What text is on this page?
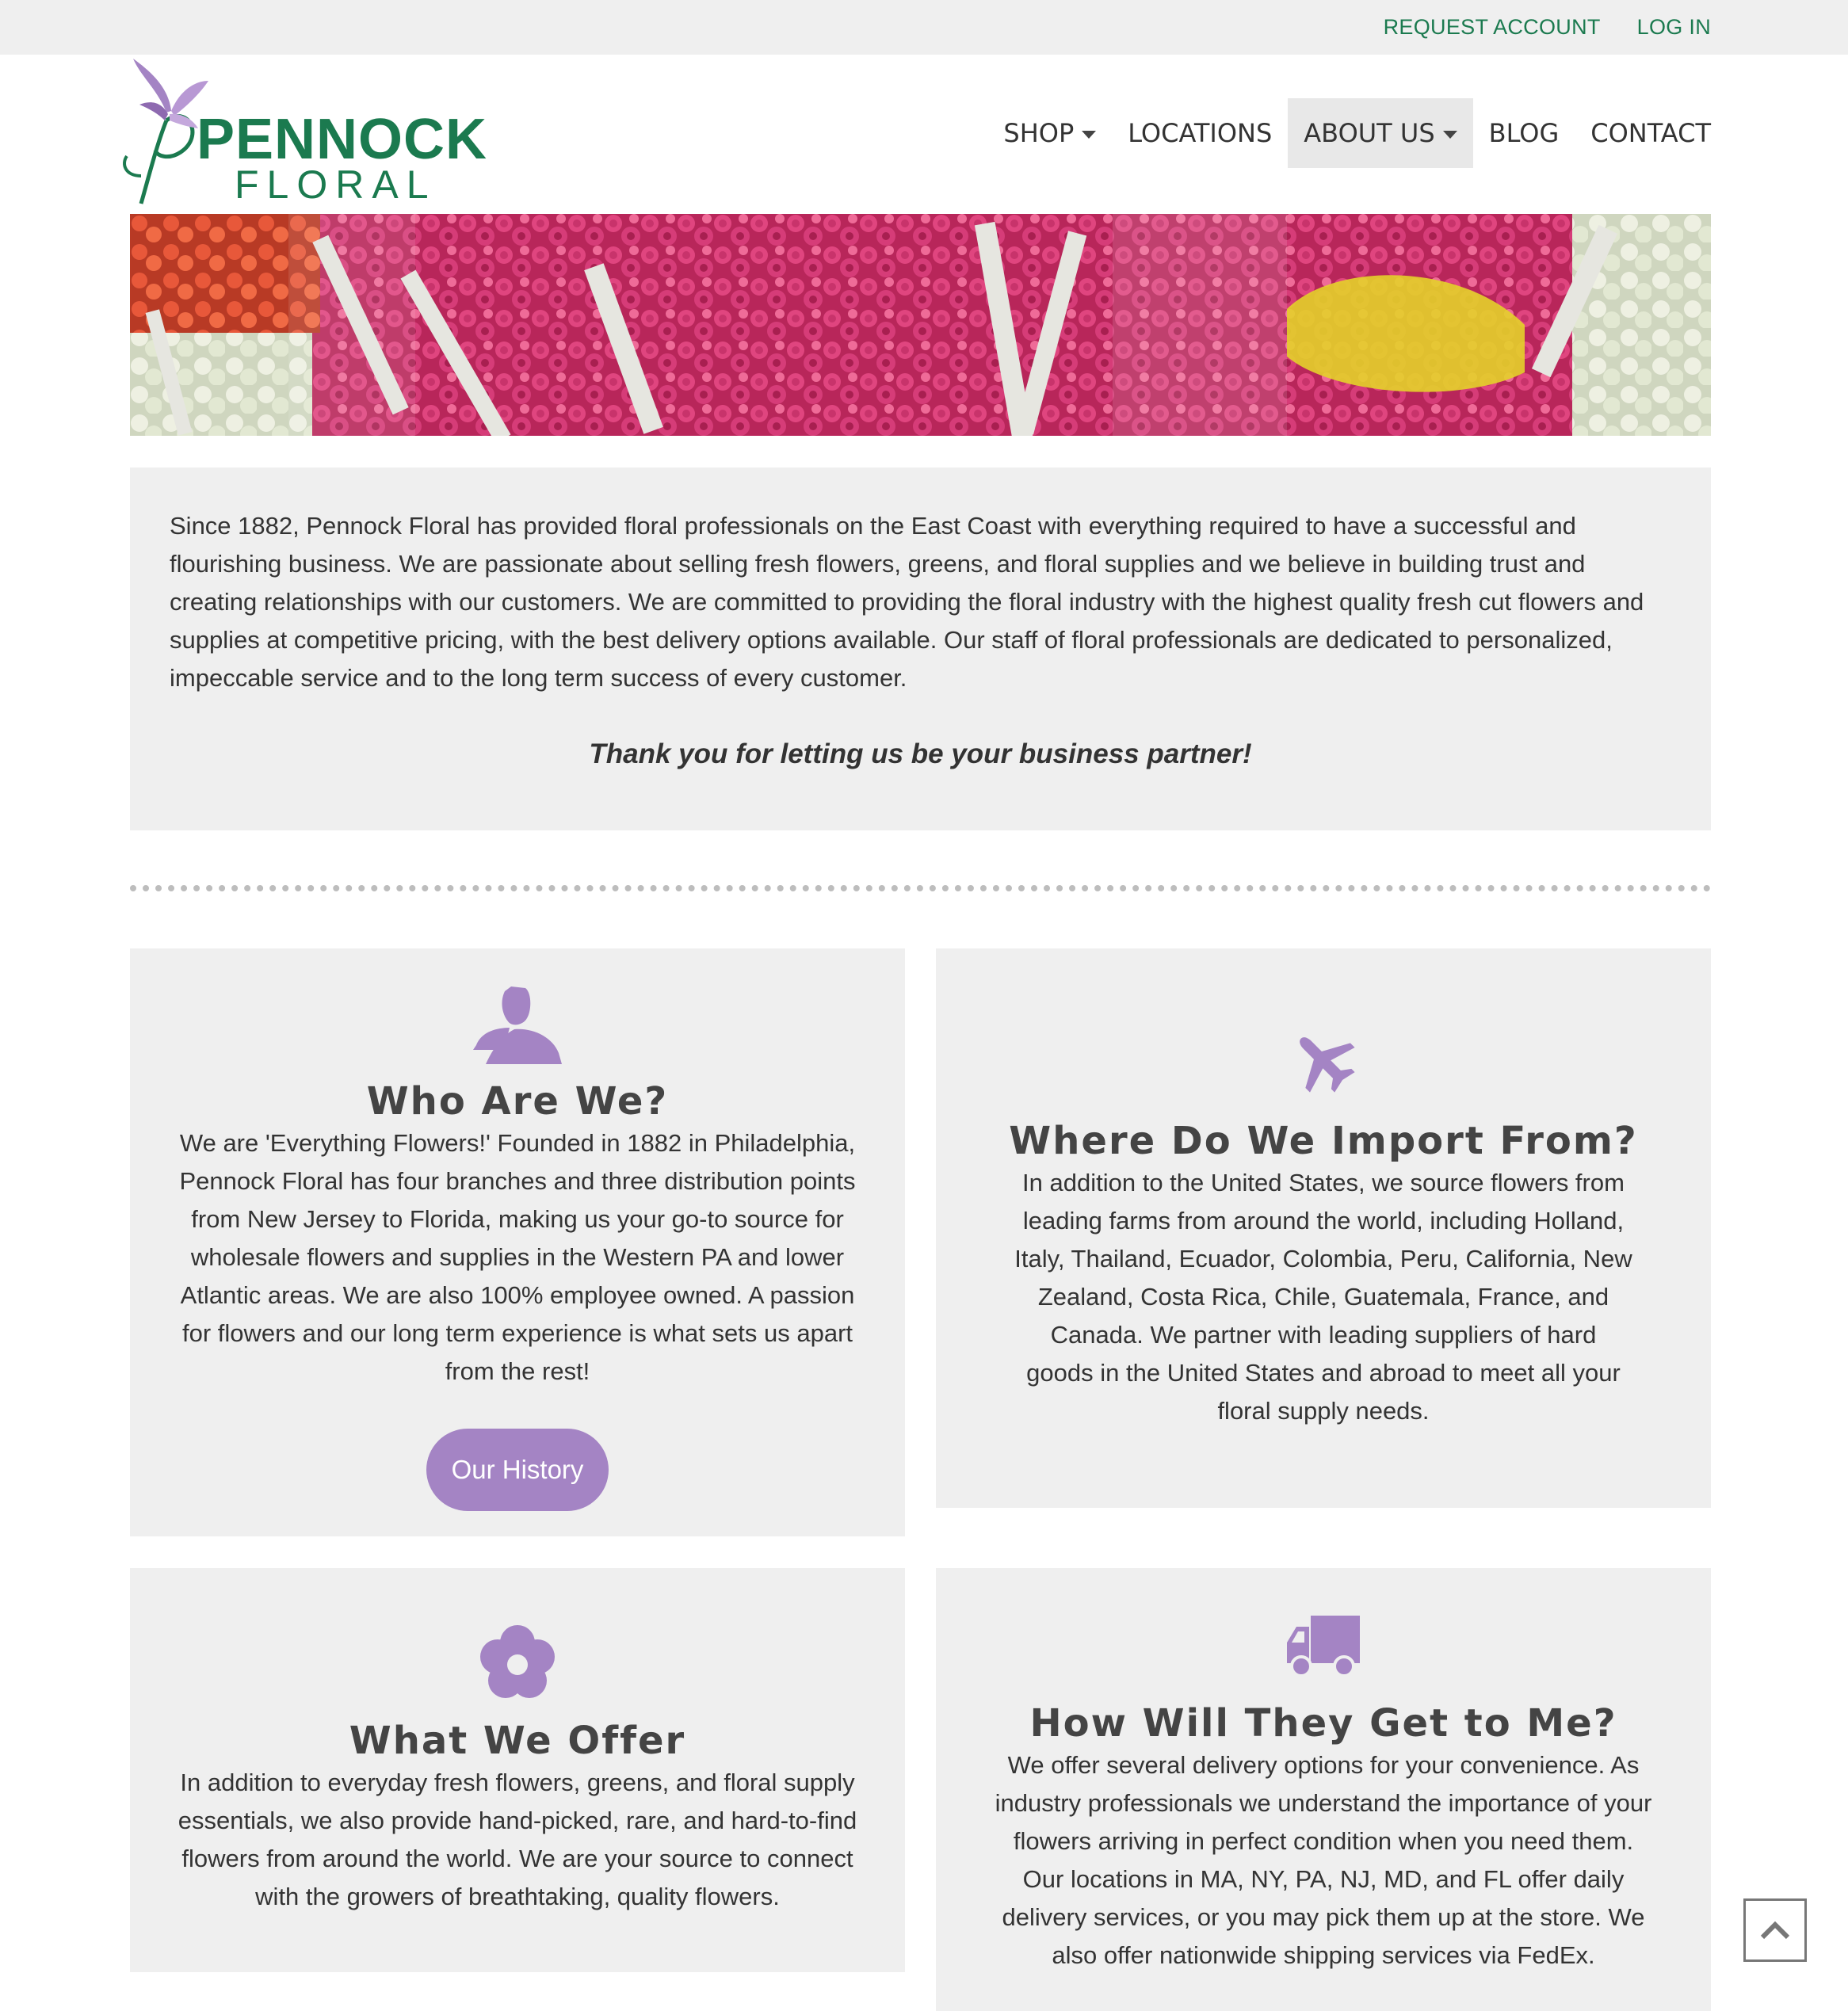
REQUEST ACCOUNT LOG IN
PENNOCK
FLORAL
SHOP LOCATIONS ABOUT US BLOG CONTACT

Since 1882, Pennock Floral has provided floral professionals on the East Coast with everything required to have a successful and flourishing business. We are passionate about selling fresh flowers, greens, and floral supplies and we believe in building trust and creating relationships with our customers. We are committed to providing the floral industry with the highest quality fresh cut flowers and supplies at competitive pricing, with the best delivery options available. Our staff of floral professionals are dedicated to personalized, impeccable service and to the long term success of every customer.

Thank you for letting us be your business partner!
Who Are We?

We are 'Everything Flowers!' Founded in 1882 in Philadelphia, Pennock Floral has four branches and three distribution points from New Jersey to Florida, making us your go-to source for wholesale flowers and supplies in the Western PA and lower Atlantic areas. We are also 100% employee owned. A passion for flowers and our long term experience is what sets us apart from the rest!

Our History
Where Do We Import From?

In addition to the United States, we source flowers from leading farms from around the world, including Holland, Italy, Thailand, Ecuador, Colombia, Peru, California, New Zealand, Costa Rica, Chile, Guatemala, France, and Canada. We partner with leading suppliers of hard goods in the United States and abroad to meet all your floral supply needs.

What We Offer

In addition to everyday fresh flowers, greens, and floral supply essentials, we also provide hand-picked, rare, and hard-to-find flowers from around the world. We are your source to connect with the growers of breathtaking, quality flowers.

How Will They Get to Me?

We offer several delivery options for your convenience. As industry professionals we understand the importance of your flowers arriving in perfect condition when you need them. Our locations in MA, NY, PA, NJ, MD, and FL offer daily delivery services, or you may pick them up at the store. We also offer nationwide shipping services via FedEx.
